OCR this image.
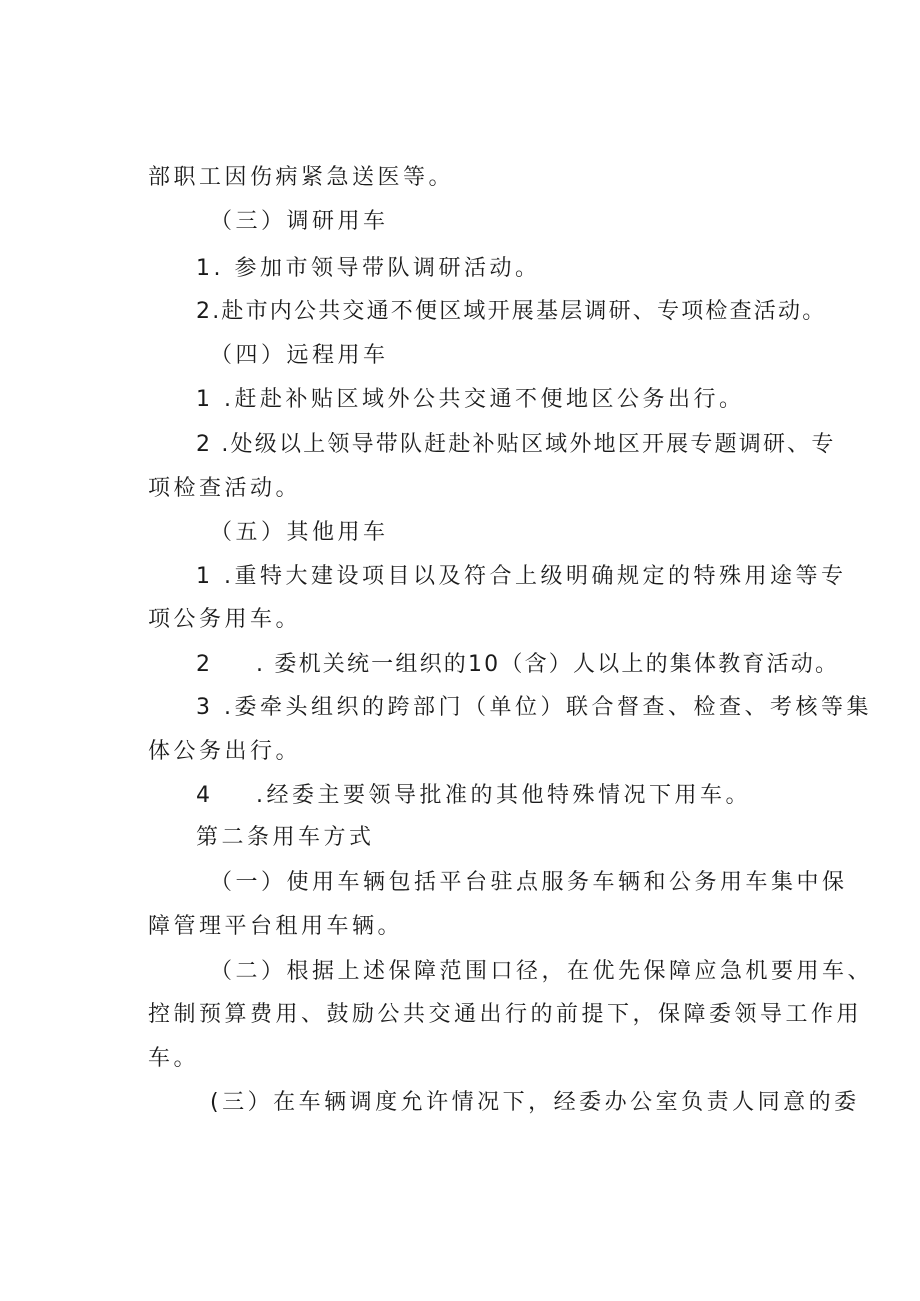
部职工因伤病紧急送医等。
（三）调研用车
1. 参加市领导带队调研活动。
2.赴市内公共交通不便区域开展基层调研、专项检查活动。
（四）远程用车
1 .赶赴补贴区域外公共交通不便地区公务出行。
2 .处级以上领导带队赶赴补贴区域外地区开展专题调研、专
项检查活动。
（五）其他用车
1 .重特大建设项目以及符合上级明确规定的特殊用途等专
项公务用车。
2 . 委机关统一组织的10（含）人以上的集体教育活动。
3 .委牵头组织的跨部门（单位）联合督查、检查、考核等集
体公务出行。
4 .经委主要领导批准的其他特殊情况下用车。
第二条用车方式
（一）使用车辆包括平台驻点服务车辆和公务用车集中保
障管理平台租用车辆。
（二）根据上述保障范围口径，在优先保障应急机要用车、
控制预算费用、鼓励公共交通出行的前提下，保障委领导工作用
车。
(三）在车辆调度允许情况下，经委办公室负责人同意的委
